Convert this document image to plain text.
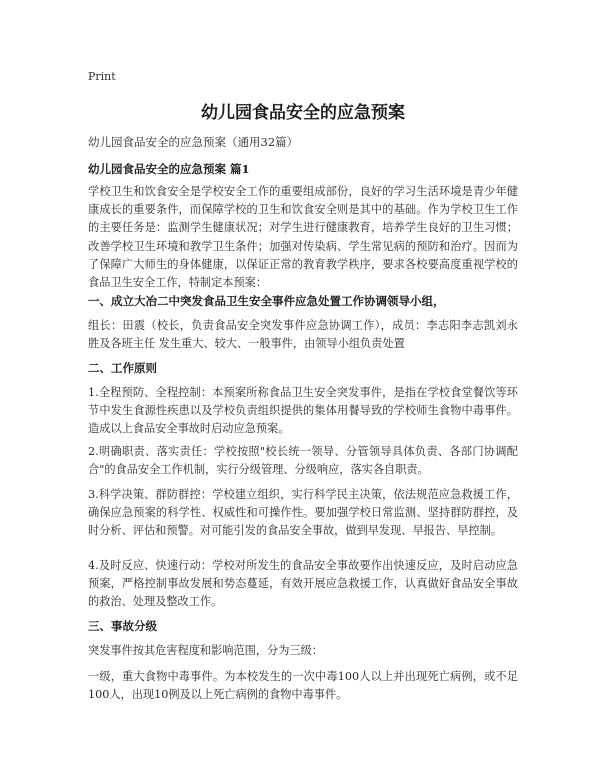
Print
幼儿园食品安全的应急预案
幼儿园食品安全的应急预案（通用32篇）
幼儿园食品安全的应急预案 篇1
学校卫生和饮食安全是学校安全工作的重要组成部份，良好的学习生活环境是青少年健康成长的重要条件，而保障学校的卫生和饮食安全则是其中的基础。作为学校卫生工作的主要任务是：监测学生健康状况；对学生进行健康教育，培养学生良好的卫生习惯；改善学校卫生环境和教学卫生条件；加强对传染病、学生常见病的预防和治疗。因而为了保障广大师生的身体健康，以保证正常的教育教学秩序，要求各校要高度重视学校的食品卫生安全工作，特制定本预案：
一、成立大冶二中突发食品卫生安全事件应急处置工作协调领导小组，
组长：田震（校长，负责食品安全突发事件应急协调工作），成员：李志阳李志凯刘永胜及各班主任 发生重大、较大、一般事件，由领导小组负责处置
二、工作原则
1.全程预防、全程控制：本预案所称食品卫生安全突发事件，是指在学校食堂餐饮等环节中发生食源性疾患以及学校负责组织提供的集体用餐导致的学校师生食物中毒事件。造成以上食品安全事故时启动应急预案。
2.明确职责、落实责任：学校按照"校长统一领导、分管领导具体负责、各部门协调配合"的食品安全工作机制，实行分级管理、分级响应，落实各自职责。
3.科学决策、群防群控：学校建立组织，实行科学民主决策，依法规范应急救援工作，确保应急预案的科学性、权威性和可操作性。要加强学校日常监测、坚持群防群控，及时分析、评估和预警。对可能引发的食品安全事故，做到早发现、早报告、早控制。
4.及时反应、快速行动：学校对所发生的食品安全事故要作出快速反应，及时启动应急预案，严格控制事故发展和势态蔓延，有效开展应急救援工作，认真做好食品安全事故的救治、处理及整改工作。
三、事故分级
突发事件按其危害程度和影响范围，分为三级：
一级，重大食物中毒事件。为本校发生的一次中毒100人以上并出现死亡病例，或不足100人，出现10例及以上死亡病例的食物中毒事件。
